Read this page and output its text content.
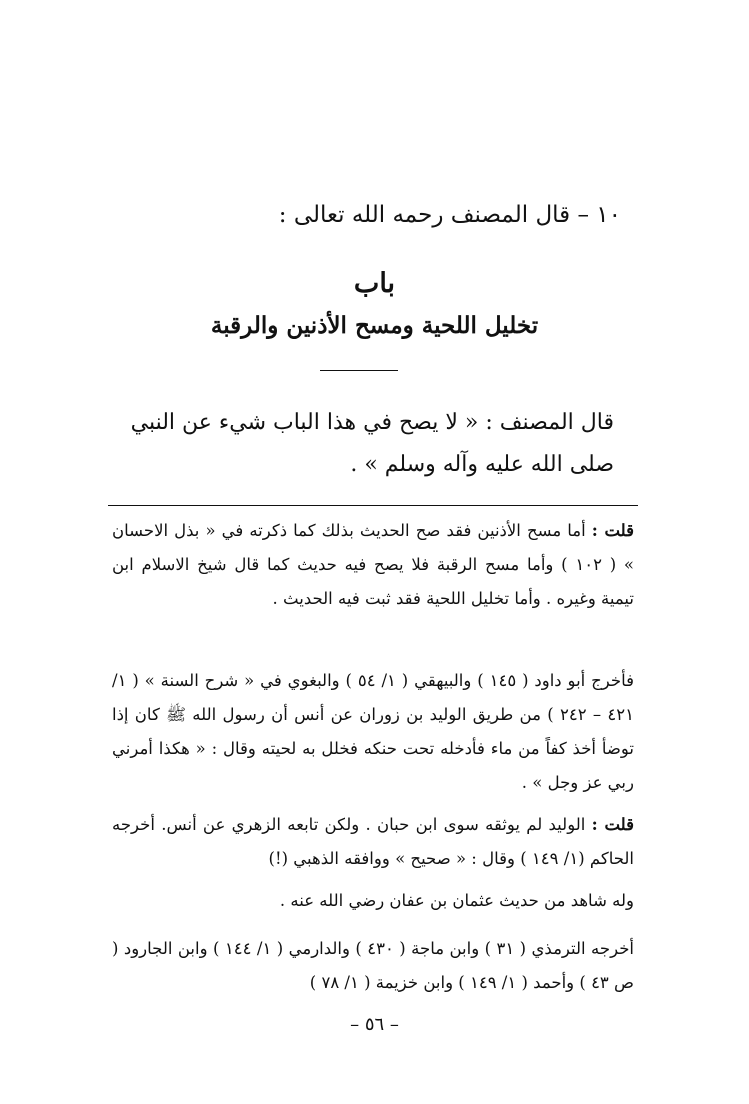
١٠ – قال المصنف رحمه الله تعالى :
باب
تخليل اللحية ومسح الأذنين والرقبة
قال المصنف : « لا يصح في هذا الباب شيء عن النبي
صلى الله عليه وآله وسلم » .
قلت : أما مسح الأذنين فقد صح الحديث بذلك كما ذكرته في « بذل الاحسان » ( ١٠٢ ) وأما مسح الرقبة فلا يصح فيه حديث كما قال شيخ الاسلام ابن تيمية وغيره . وأما تخليل اللحية فقد ثبت فيه الحديث .
فأخرج أبو داود ( ١٤٥ ) والبيهقي ( ١/ ٥٤ ) والبغوي في « شرح السنة » ( ١/ ٤٢١ – ٢٤٢ ) من طريق الوليد بن زوران عن أنس أن رسول الله ﷺ كان إذا توضأ أخذ كفاً من ماء فأدخله تحت حنكه فخلل به لحيته وقال : « هكذا أمرني ربي عز وجل » .
قلت : الوليد لم يوثقه سوى ابن حبان . ولكن تابعه الزهري عن أنس. أخرجه الحاكم (١/ ١٤٩ ) وقال : « صحيح » ووافقه الذهبي (!)
وله شاهد من حديث عثمان بن عفان رضي الله عنه .
أخرجه الترمذي ( ٣١ ) وابن ماجة ( ٤٣٠ ) والدارمي ( ١/ ١٤٤ ) وابن الجارود ( ص ٤٣ ) وأحمد ( ١/ ١٤٩ ) وابن خزيمة ( ١/ ٧٨ )
– ٥٦ –
